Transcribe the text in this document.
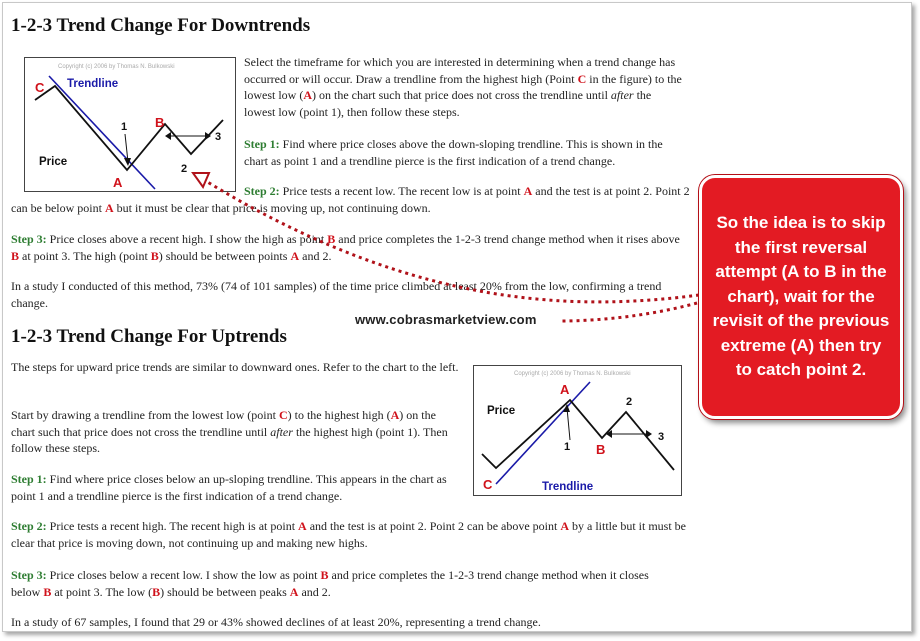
1-2-3 Trend Change For Downtrends
Copyright (c) 2006 by Thomas N. Bulkowski
C Trendline
Price
1
A
B
2
3

Select the timeframe for which you are interested in determining when a trend change has occurred or will occur. Draw a trendline from the highest high (Point C in the figure) to the lowest low (A) on the chart such that price does not cross the trendline until after the lowest low (point 1), then follow these steps.

Step 1: Find where price closes above the down-sloping trendline. This is shown in the chart as point 1 and a trendline pierce is the first indication of a trend change.

Step 2: Price tests a recent low. The recent low is at point A and the test is at point 2. Point 2 can be below point A but it must be clear that price is moving up, not continuing down.

Step 3: Price closes above a recent high. I show the high as point B and price completes the 1-2-3 trend change method when it rises above B at point 3. The high (point B) should be between points A and 2.

In a study I conducted of this method, 73% (74 of 101 samples) of the time price climbed at least 20% from the low, confirming a trend change.

1-2-3 Trend Change For Uptrends

The steps for upward price trends are similar to downward ones. Refer to the chart to the left.

Start by drawing a trendline from the lowest low (point C) to the highest high (A) on the chart such that price does not cross the trendline until after the highest high (point 1). Then follow these steps.

Step 1: Find where price closes below an up-sloping trendline. This appears in the chart as point 1 and a trendline pierce is the first indication of a trend change.

Copyright (c) 2006 by Thomas N. Bulkowski
A
Price
2
1 B
3
C	Trendline

Step 2: Price tests a recent high. The recent high is at point A and the test is at point 2. Point 2 can be above point A by a little but it must be clear that price is moving down, not continuing up and making new highs.

Step 3: Price closes below a recent low. I show the low as point B and price completes the 1-2-3 trend change method when it closes below B at point 3. The low (B) should be between peaks A and 2.

In a study of 67 samples, I found that 29 or 43% showed declines of at least 20%, representing a trend change.

www.cobrasmarketview.com
So the idea is to skip the first reversal attempt (A to B in the chart), wait for the revisit of the previous extreme (A) then try to catch point 2.
